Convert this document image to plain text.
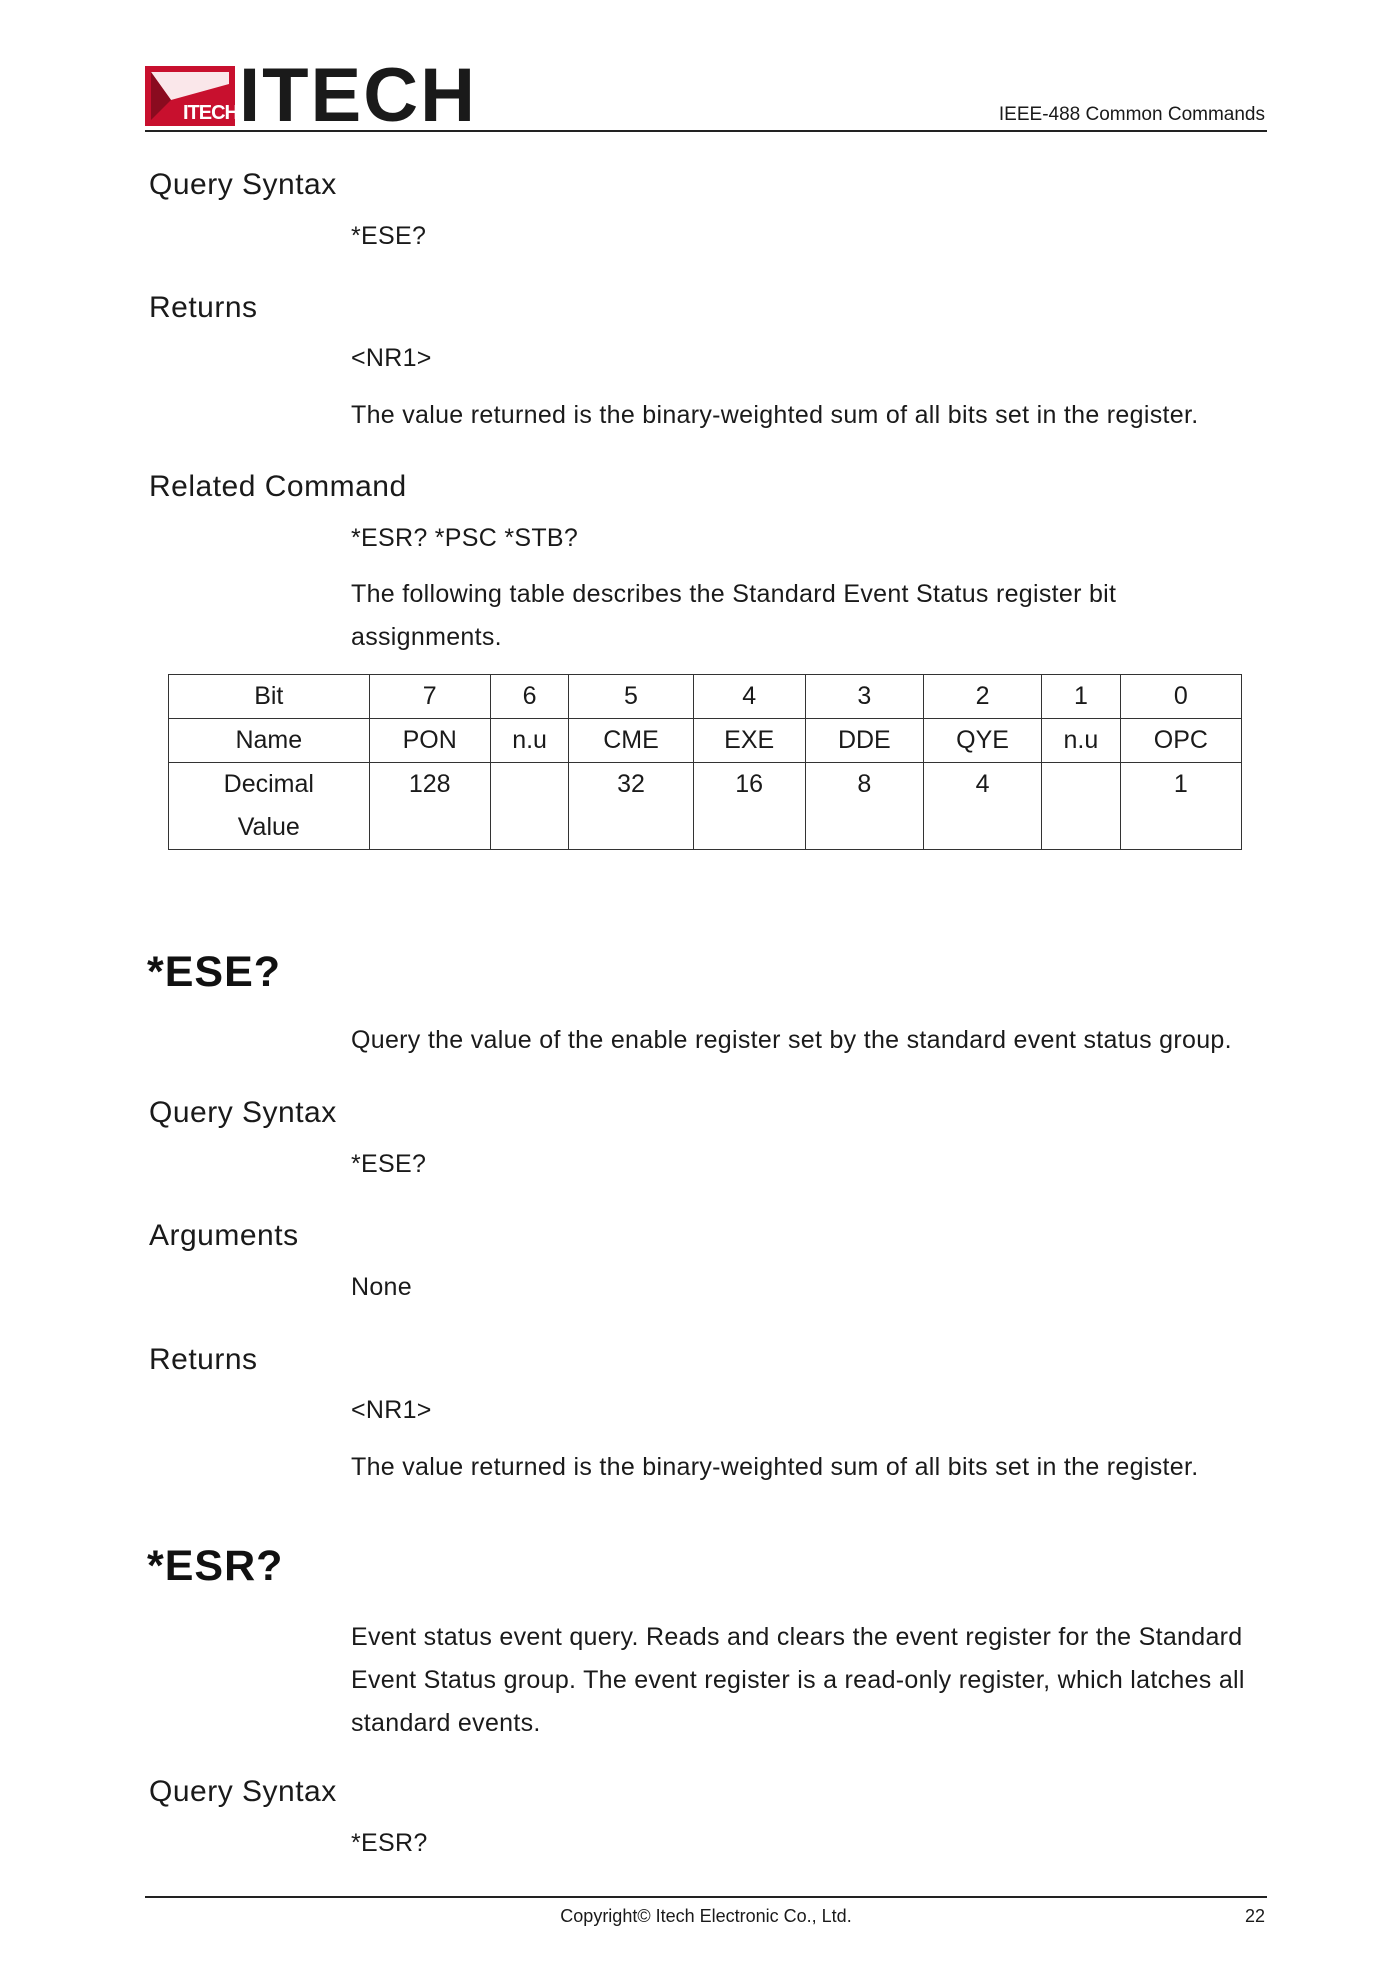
ITECH ITECH	IEEE-488 Common Commands
Query Syntax
*ESE?
Returns
<NR1>
The value returned is the binary-weighted sum of all bits set in the register.
Related Command
*ESR? *PSC *STB?
The following table describes the Standard Event Status register bit
assignments.
Bit	7	6	5	4	3	2	1	0
Name	PON	n.u	CME	EXE	DDE	QYE	n.u	OPC

Decimal
Value	128		32	16	8	4		1
*ESE?
Query the value of the enable register set by the standard event status group.
Query Syntax
*ESE?
Arguments
None
Returns
<NR1>
The value returned is the binary-weighted sum of all bits set in the register.
*ESR?
Event status event query. Reads and clears the event register for the Standard
Event Status group. The event register is a read-only register, which latches all
standard events.
Query Syntax
*ESR?
Copyright© Itech Electronic Co., Ltd.	22
